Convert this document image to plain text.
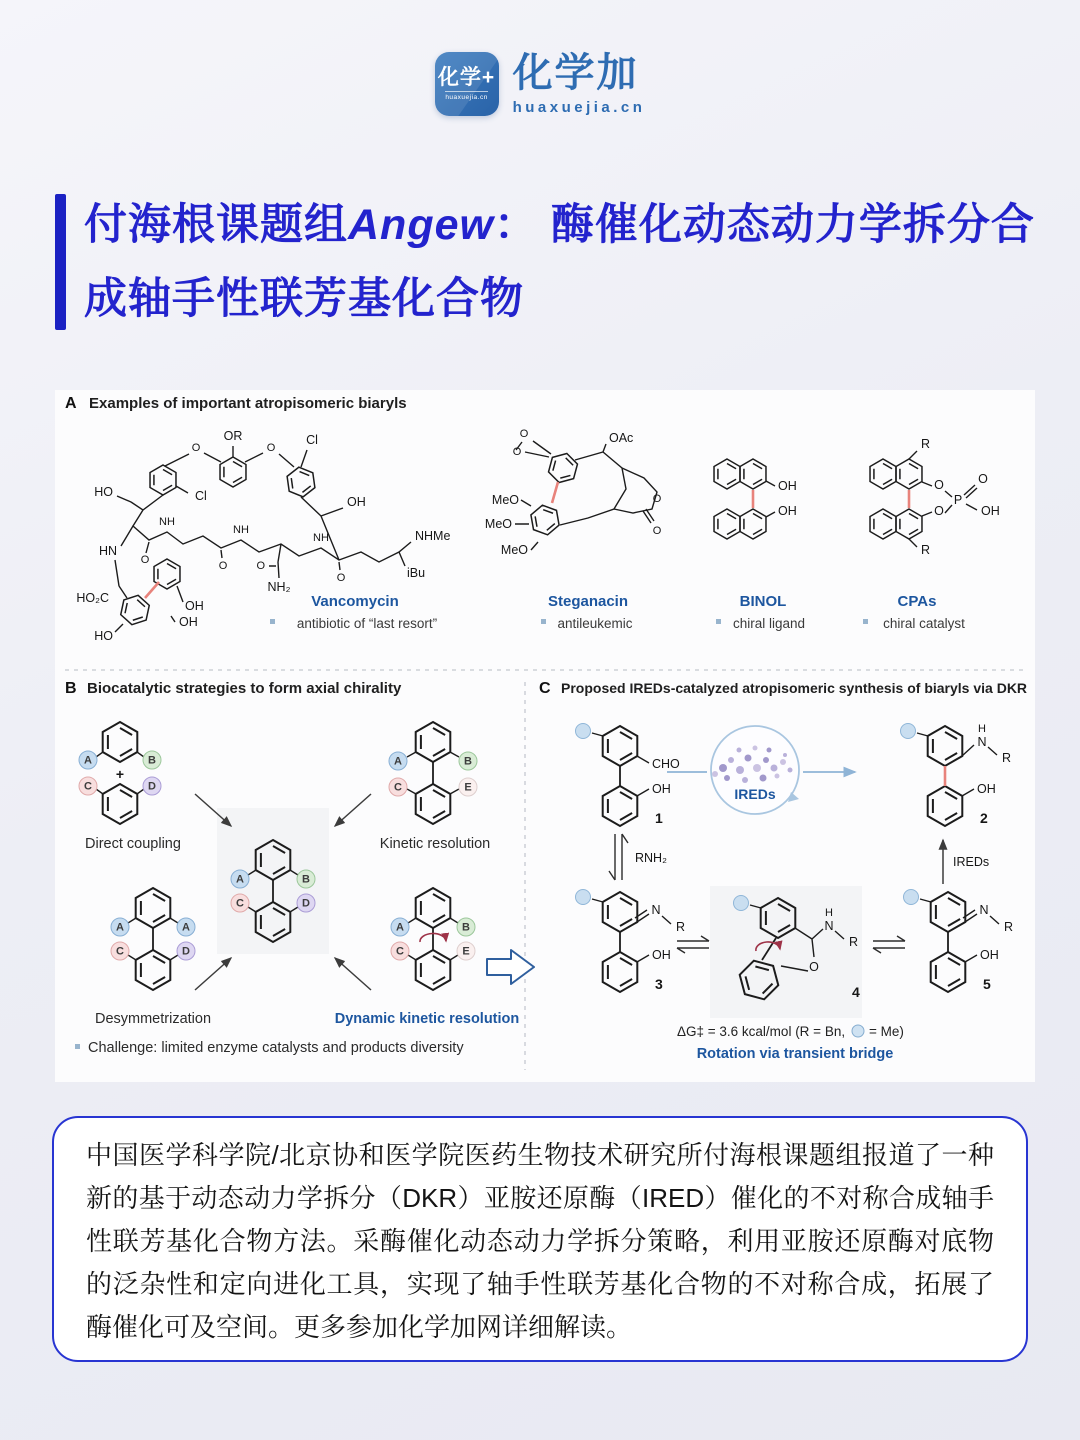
化学+
huaxuejia.cn
化学加
huaxuejia.cn
付海根课题组Angew： 酶催化动态动力学拆分合
成轴手性联芳基化合物
A Examples of important atropisomeric biaryls
OR
O	O
Cl
Cl
HO
HN
NH
NH
NH
O	O
O
O
NH₂
OH
NHMe
iBu
HO₂C
HO
OH
OH
O
O
OAc
MeO
MeO
MeO
O
O
OH
OH
R
R
O
O
P
O
OH
Vancomycin
antibiotic of “last resort”
Steganacin
antileukemic
BINOL
chiral ligand
CPAs
chiral catalyst
B Biocatalytic strategies to form axial chirality
A	B
C	D
+
Direct coupling
A	B
C	E
Kinetic resolution
A	B
C	D
A	A
C	D
Desymmetrization
A	B
C	E
Dynamic kinetic resolution
Challenge: limited enzyme catalysts and products diversity
C Proposed IREDs-catalyzed atropisomeric synthesis of biaryls via DKR
CHO
OH
1
IREDs
N
H
R
OH
2
RNH₂	IREDs
N
R
OH
3
N
H
R
O
4
N
R
OH
5
ΔG‡ = 3.6 kcal/mol (R = Bn, = Me)
Rotation via transient bridge

中国医学科学院/北京协和医学院医药生物技术研究所付海根课题组报道了一种新的基于动态动力学拆分（DKR）亚胺还原酶（IRED）催化的不对称合成轴手性联芳基化合物方法。采酶催化动态动力学拆分策略，利用亚胺还原酶对底物的泛杂性和定向进化工具，实现了轴手性联芳基化合物的不对称合成，拓展了酶催化可及空间。更多参加化学加网详细解读。
